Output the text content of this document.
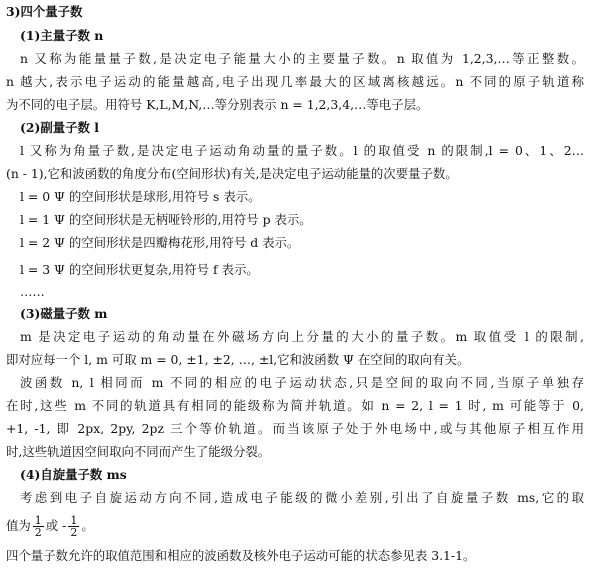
3)四个量子数
(1)主量子数 n
n 又称为能量量子数,是决定电子能量大小的主要量子数。n 取值为 1,2,3,…等正整数。
n 越大,表示电子运动的能量越高,电子出现几率最大的区域离核越远。n 不同的原子轨道称
为不同的电子层。用符号 K,L,M,N,…等分别表示 n = 1,2,3,4,…等电子层。
(2)副量子数 l
l 又称为角量子数,是决定电子运动角动量的量子数。l 的取值受 n 的限制,l = 0、1、2…
(n - 1),它和波函数的角度分布(空间形状)有关,是决定电子运动能量的次要量子数。
l = 0 Ψ 的空间形状是球形,用符号 s 表示。
l = 1 Ψ 的空间形状是无柄哑铃形的,用符号 p 表示。
l = 2 Ψ 的空间形状是四瓣梅花形,用符号 d 表示。
l = 3 Ψ 的空间形状更复杂,用符号 f 表示。
……
(3)磁量子数 m
m 是决定电子运动的角动量在外磁场方向上分量的大小的量子数。m 取值受 l 的限制,
即对应每一个 l, m 可取 m = 0, ±1, ±2, …, ±l,它和波函数 Ψ 在空间的取向有关。
波函数 n, l 相同而 m 不同的相应的电子运动状态,只是空间的取向不同,当原子单独存
在时,这些 m 不同的轨道具有相同的能级称为简并轨道。如 n = 2, l = 1 时, m 可能等于 0,
+1, -1, 即 2px, 2py, 2pz 三个等价轨道。而当该原子处于外电场中,或与其他原子相互作用
时,这些轨道因空间取向不同而产生了能级分裂。
(4)自旋量子数 ms
考虑到电子自旋运动方向不同,造成电子能级的微小差别,引出了自旋量子数 ms,它的取
值为 $\frac{1}{2}$ 或 - $\frac{1}{2}$ 。
四个量子数允许的取值范围和相应的波函数及核外电子运动可能的状态参见表 3.1-1。
